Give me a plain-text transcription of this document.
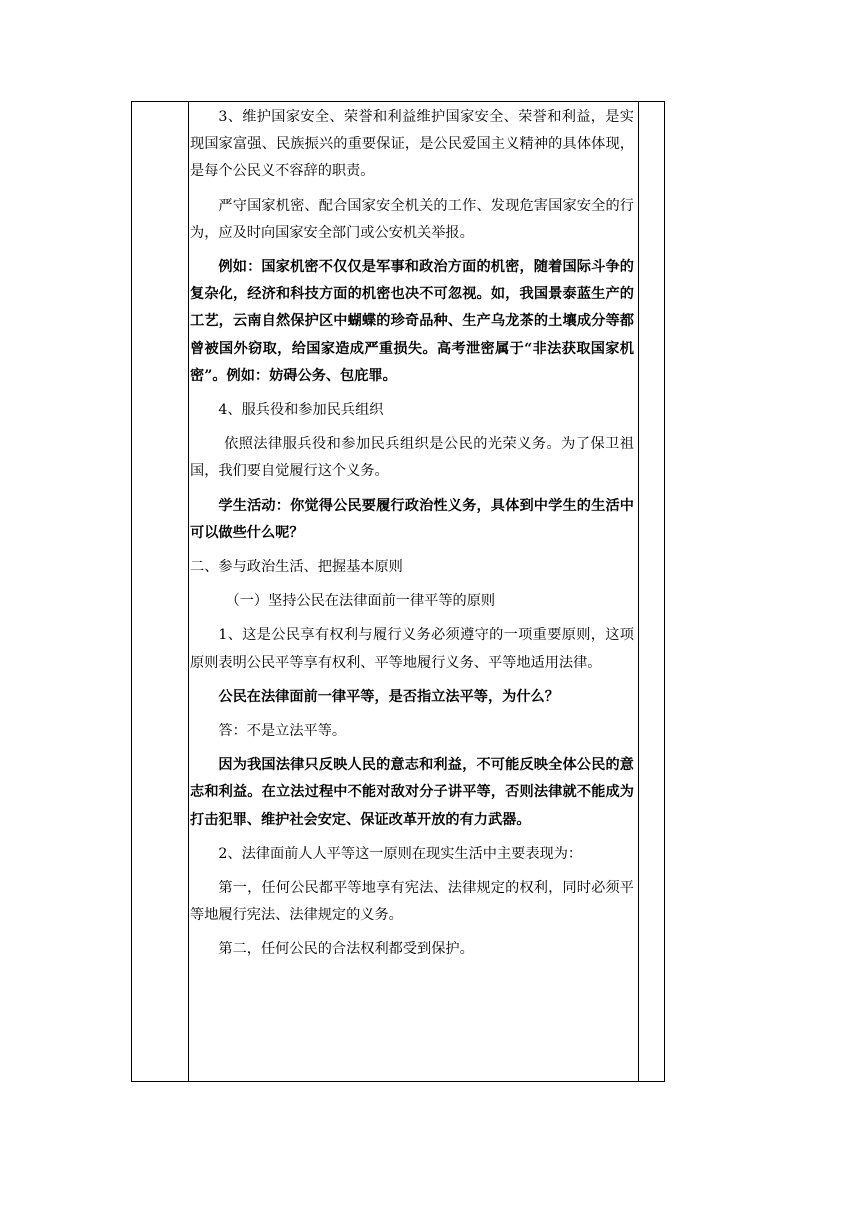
3、维护国家安全、荣誉和利益维护国家安全、荣誉和利益，是实现国家富强、民族振兴的重要保证，是公民爱国主义精神的具体体现，是每个公民义不容辞的职责。

严守国家机密、配合国家安全机关的工作、发现危害国家安全的行为，应及时向国家安全部门或公安机关举报。

例如：国家机密不仅仅是军事和政治方面的机密，随着国际斗争的复杂化，经济和科技方面的机密也决不可忽视。如，我国景泰蓝生产的工艺，云南自然保护区中蝴蝶的珍奇品种、生产乌龙茶的土壤成分等都曾被国外窃取，给国家造成严重损失。高考泄密属于“非法获取国家机密”。例如：妨碍公务、包庇罪。

4、服兵役和参加民兵组织

依照法律服兵役和参加民兵组织是公民的光荣义务。为了保卫祖国，我们要自觉履行这个义务。

学生活动：你觉得公民要履行政治性义务，具体到中学生的生活中可以做些什么呢？

二、参与政治生活、把握基本原则

（一）坚持公民在法律面前一律平等的原则

1、这是公民享有权利与履行义务必须遵守的一项重要原则，这项原则表明公民平等享有权利、平等地履行义务、平等地适用法律。

公民在法律面前一律平等，是否指立法平等，为什么？

答：不是立法平等。

因为我国法律只反映人民的意志和利益，不可能反映全体公民的意志和利益。在立法过程中不能对敌对分子讲平等，否则法律就不能成为打击犯罪、维护社会安定、保证改革开放的有力武器。

2、法律面前人人平等这一原则在现实生活中主要表现为：

第一，任何公民都平等地享有宪法、法律规定的权利，同时必须平等地履行宪法、法律规定的义务。

第二，任何公民的合法权利都受到保护。
